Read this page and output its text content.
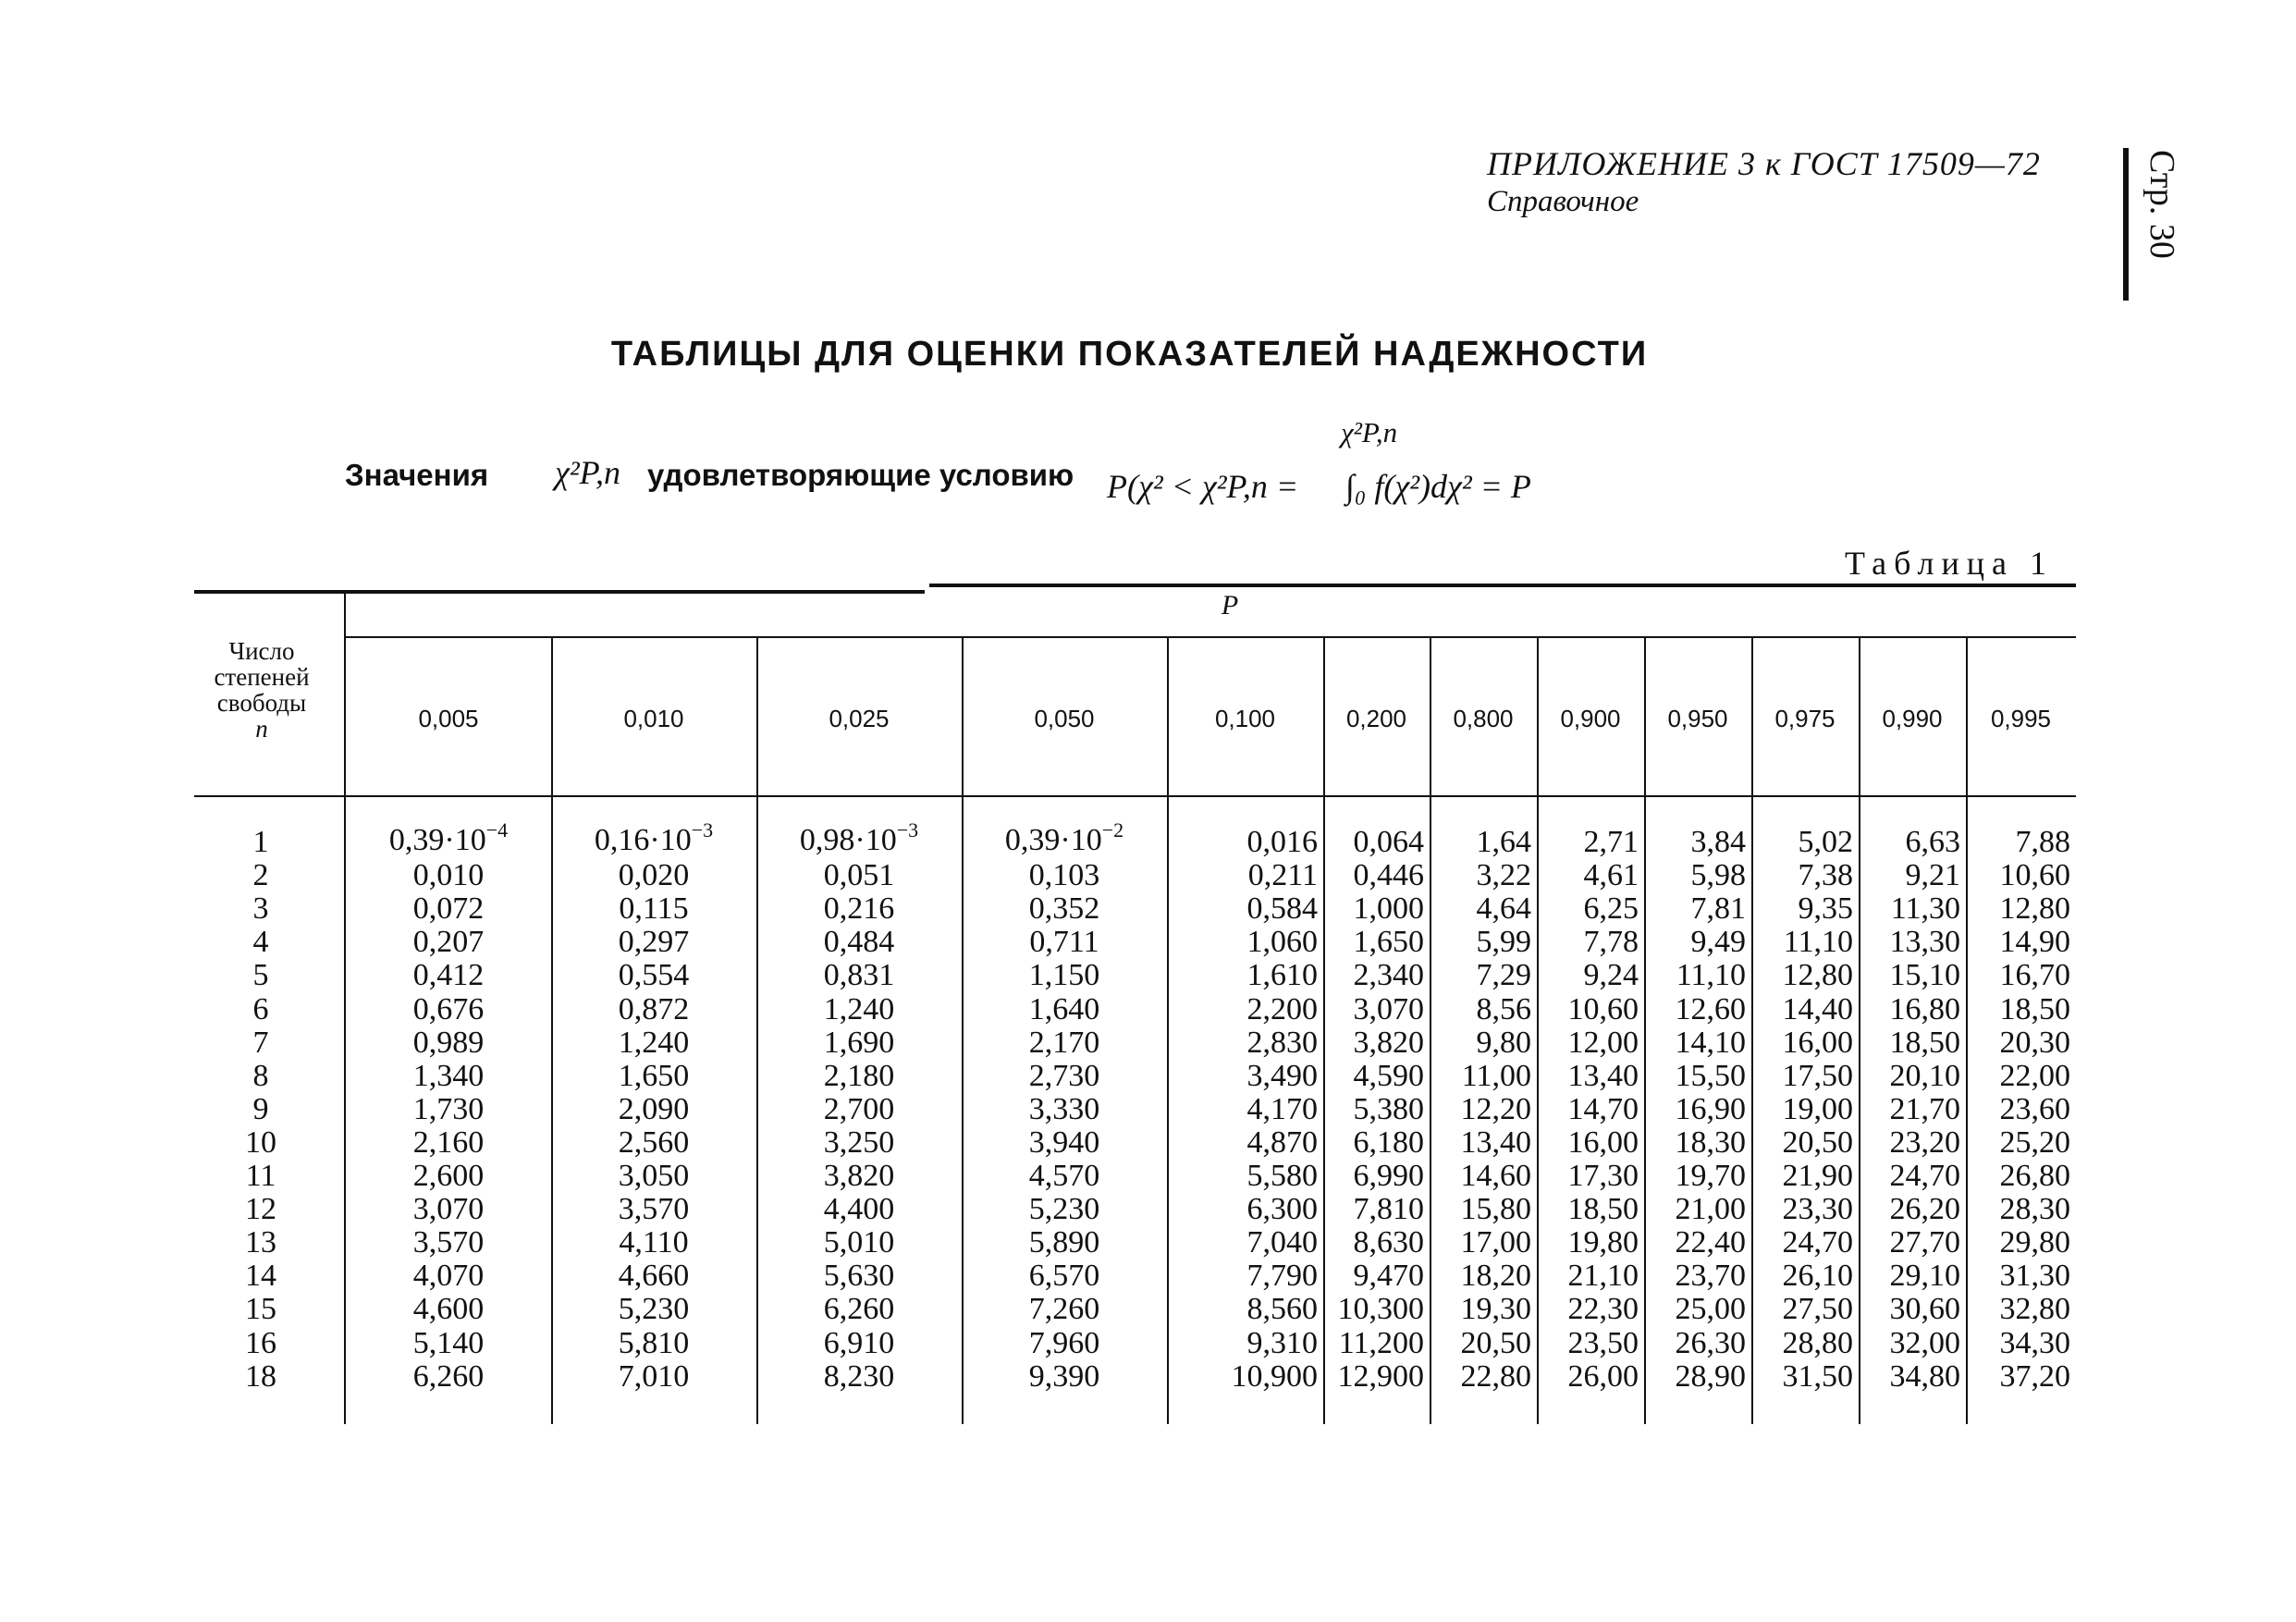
ПРИЛОЖЕНИЕ 3 к ГОСТ 17509—72
Справочное	Стр. 30
ТАБЛИЦЫ ДЛЯ ОЦЕНКИ ПОКАЗАТЕЛЕЙ НАДЕЖНОСТИ
Значения χ²P,n удовлетворяющие условию P(χ² < χ²P,n =
χ²P,n
∫₀ f(χ²)dχ² = P
Таблица 1
Число
степеней
свободы
n
P
0,005	0,010	0,025	0,050	0,100	0,200	0,800	0,900	0,950	0,975	0,990	0,995
1	$0,39\cdot 10^{-4}$	$0,16\cdot 10^{-3}$	$0,98\cdot 10^{-3}$	$0,39\cdot 10^{-2}$	0,016	0,064	1,64	2,71	3,84	5,02	6,63	7,88
2	0,010	0,020	0,051	0,103	0,211	0,446	3,22	4,61	5,98	7,38	9,21	10,60
3	0,072	0,115	0,216	0,352	0,584	1,000	4,64	6,25	7,81	9,35	11,30	12,80
4	0,207	0,297	0,484	0,711	1,060	1,650	5,99	7,78	9,49	11,10	13,30	14,90
5	0,412	0,554	0,831	1,150	1,610	2,340	7,29	9,24	11,10	12,80	15,10	16,70
6	0,676	0,872	1,240	1,640	2,200	3,070	8,56	10,60	12,60	14,40	16,80	18,50
7	0,989	1,240	1,690	2,170	2,830	3,820	9,80	12,00	14,10	16,00	18,50	20,30
8	1,340	1,650	2,180	2,730	3,490	4,590	11,00	13,40	15,50	17,50	20,10	22,00
9	1,730	2,090	2,700	3,330	4,170	5,380	12,20	14,70	16,90	19,00	21,70	23,60
10	2,160	2,560	3,250	3,940	4,870	6,180	13,40	16,00	18,30	20,50	23,20	25,20
11	2,600	3,050	3,820	4,570	5,580	6,990	14,60	17,30	19,70	21,90	24,70	26,80
12	3,070	3,570	4,400	5,230	6,300	7,810	15,80	18,50	21,00	23,30	26,20	28,30
13	3,570	4,110	5,010	5,890	7,040	8,630	17,00	19,80	22,40	24,70	27,70	29,80
14	4,070	4,660	5,630	6,570	7,790	9,470	18,20	21,10	23,70	26,10	29,10	31,30
15	4,600	5,230	6,260	7,260	8,560 10,300	19,30	22,30	25,00	27,50	30,60	32,80
16	5,140	5,810	6,910	7,960	9,310 11,200	20,50	23,50	26,30	28,80	32,00	34,30
18	6,260	7,010	8,230	9,390	10,900 12,900	22,80	26,00	28,90	31,50	34,80	37,20
